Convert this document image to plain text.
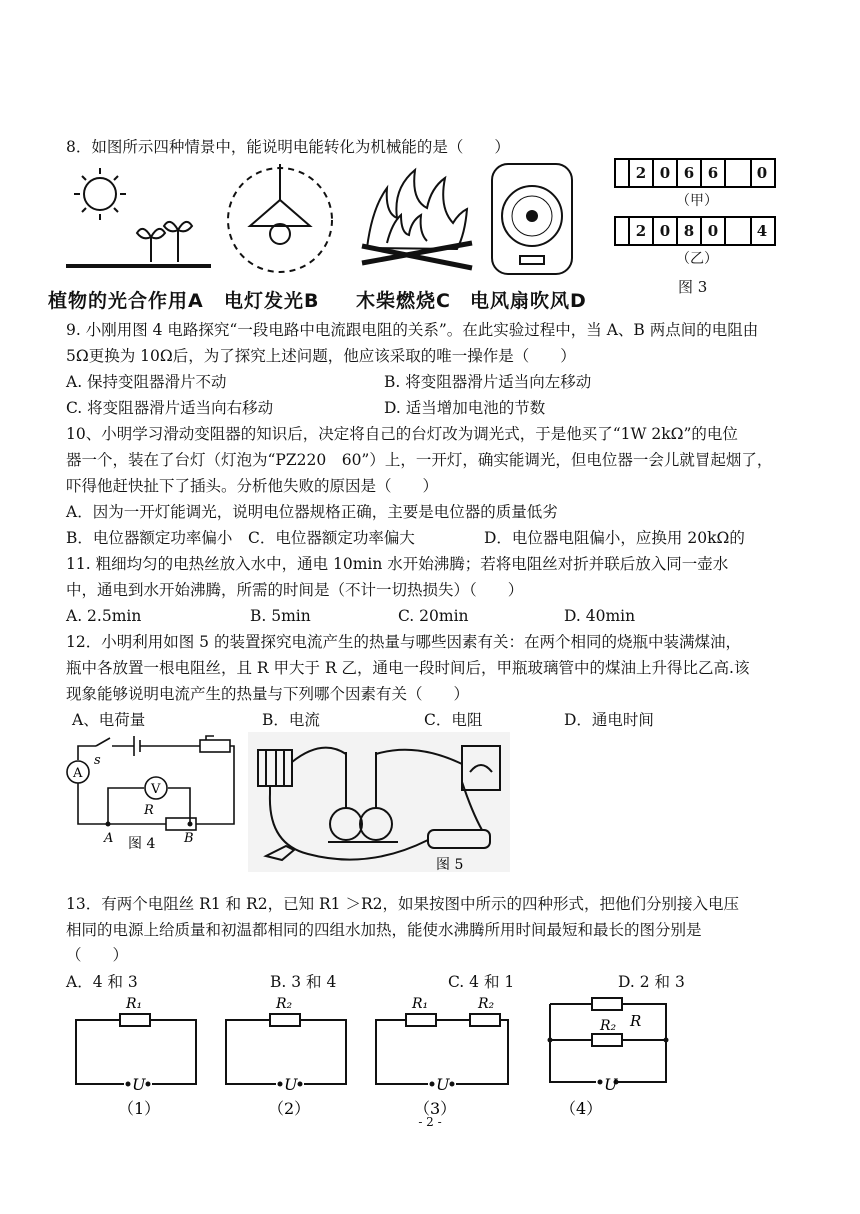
8．如图所示四种情景中，能说明电能转化为机械能的是（　　）
植物的光合作用A 电灯发光B 木柴燃烧C 电风扇吹风D
2 0 6 6	0
（甲）
2 0 8 0	4
（乙）
图 3
9. 小刚用图 4 电路探究“一段电路中电流跟电阻的关系”。在此实验过程中，当 A、B 两点间的电阻由
5Ω更换为 10Ω后，为了探究上述问题，他应该采取的唯一操作是（　　）
A. 保持变阻器滑片不动	B. 将变阻器滑片适当向左移动
C. 将变阻器滑片适当向右移动	D. 适当增加电池的节数
10、小明学习滑动变阻器的知识后，决定将自己的台灯改为调光式，于是他买了“1W 2kΩ”的电位
器一个，装在了台灯（灯泡为“PZ220　60”）上，一开灯，确实能调光，但电位器一会儿就冒起烟了，
吓得他赶快扯下了插头。分析他失败的原因是（　　）
A．因为一开灯能调光，说明电位器规格正确，主要是电位器的质量低劣
B．电位器额定功率偏小 C．电位器额定功率偏大	D．电位器电阻偏小，应换用 20kΩ的
11. 粗细均匀的电热丝放入水中，通电 10min 水开始沸腾；若将电阻丝对折并联后放入同一壶水
中，通电到水开始沸腾，所需的时间是（不计一切热损失）（　　）
A. 2.5min	B. 5min	C. 20min	D. 40min
12．小明利用如图 5 的装置探究电流产生的热量与哪些因素有关：在两个相同的烧瓶中装满煤油，
瓶中各放置一根电阻丝，且 R 甲大于 R 乙，通电一段时间后，甲瓶玻璃管中的煤油上升得比乙高.该
现象能够说明电流产生的热量与下列哪个因素有关（　　）
A、电荷量	B．电流	C．电阻	D．通电时间
s
A
V
R
A	B
图 4
图 5
13．有两个电阻丝 R1 和 R2，已知 R1 ＞R2，如果按图中所示的四种形式，把他们分别接入电压
相同的电源上给质量和初温都相同的四组水加热，能使水沸腾所用时间最短和最长的图分别是
（　　）
A．4 和 3	B. 3 和 4	C. 4 和 1	D. 2 和 3
R₁
U
（1）
R₂
U
（2）
R₁	R₂
U
（3）
R
R₂
U
（4）
- 2 -
